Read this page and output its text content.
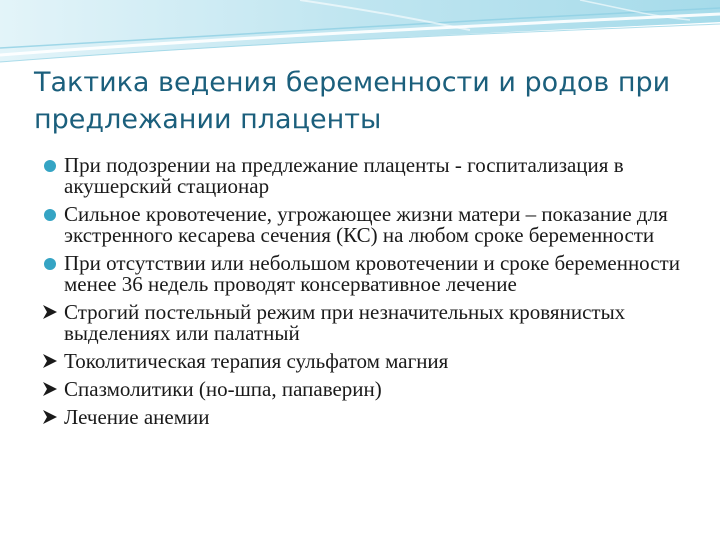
Тактика ведения беременности и родов при предлежании плаценты
При подозрении на предлежание плаценты - госпитализация в акушерский стационар
Сильное кровотечение, угрожающее жизни матери – показание для экстренного кесарева сечения (КС) на любом сроке беременности
При отсутствии или небольшом кровотечении и сроке беременности менее 36 недель проводят консервативное лечение
Строгий постельный режим при незначительных кровянистых выделениях или палатный
Токолитическая терапия сульфатом магния
Спазмолитики (но-шпа, папаверин)
Лечение анемии
